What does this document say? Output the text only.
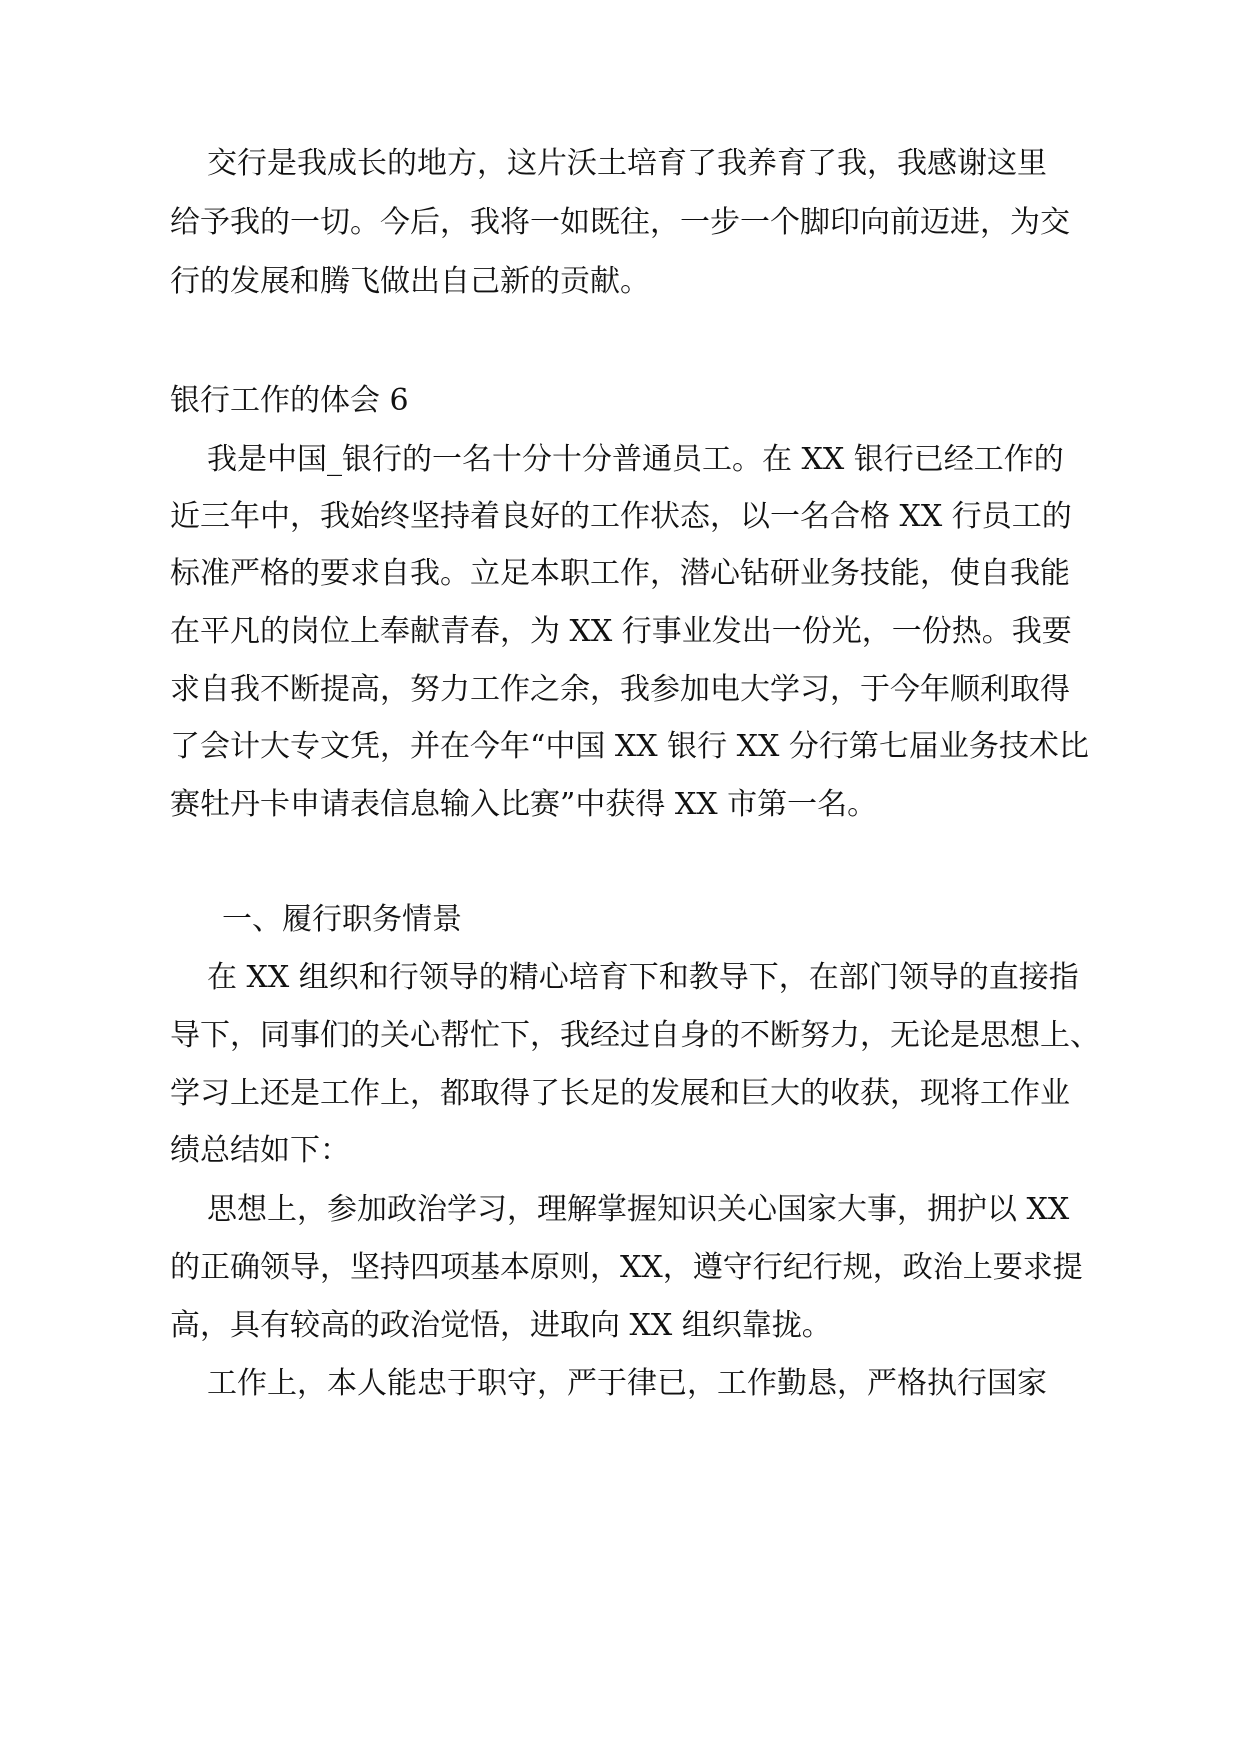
交行是我成长的地方，这片沃土培育了我养育了我，我感谢这里
给予我的一切。今后，我将一如既往，一步一个脚印向前迈进，为交
行的发展和腾飞做出自己新的贡献。
银行工作的体会 6
我是中国_银行的一名十分十分普通员工。在 XX 银行已经工作的
近三年中，我始终坚持着良好的工作状态，以一名合格 XX 行员工的
标准严格的要求自我。立足本职工作，潜心钻研业务技能，使自我能
在平凡的岗位上奉献青春，为 XX 行事业发出一份光，一份热。我要
求自我不断提高，努力工作之余，我参加电大学习，于今年顺利取得
了会计大专文凭，并在今年“中国 XX 银行 XX 分行第七届业务技术比
赛牡丹卡申请表信息输入比赛”中获得 XX 市第一名。
一、履行职务情景
在 XX 组织和行领导的精心培育下和教导下，在部门领导的直接指
导下，同事们的关心帮忙下，我经过自身的不断努力，无论是思想上、
学习上还是工作上，都取得了长足的发展和巨大的收获，现将工作业
绩总结如下：
思想上，参加政治学习，理解掌握知识关心国家大事，拥护以 XX
的正确领导，坚持四项基本原则，XX，遵守行纪行规，政治上要求提
高，具有较高的政治觉悟，进取向 XX 组织靠拢。
工作上，本人能忠于职守，严于律已，工作勤恳，严格执行国家
